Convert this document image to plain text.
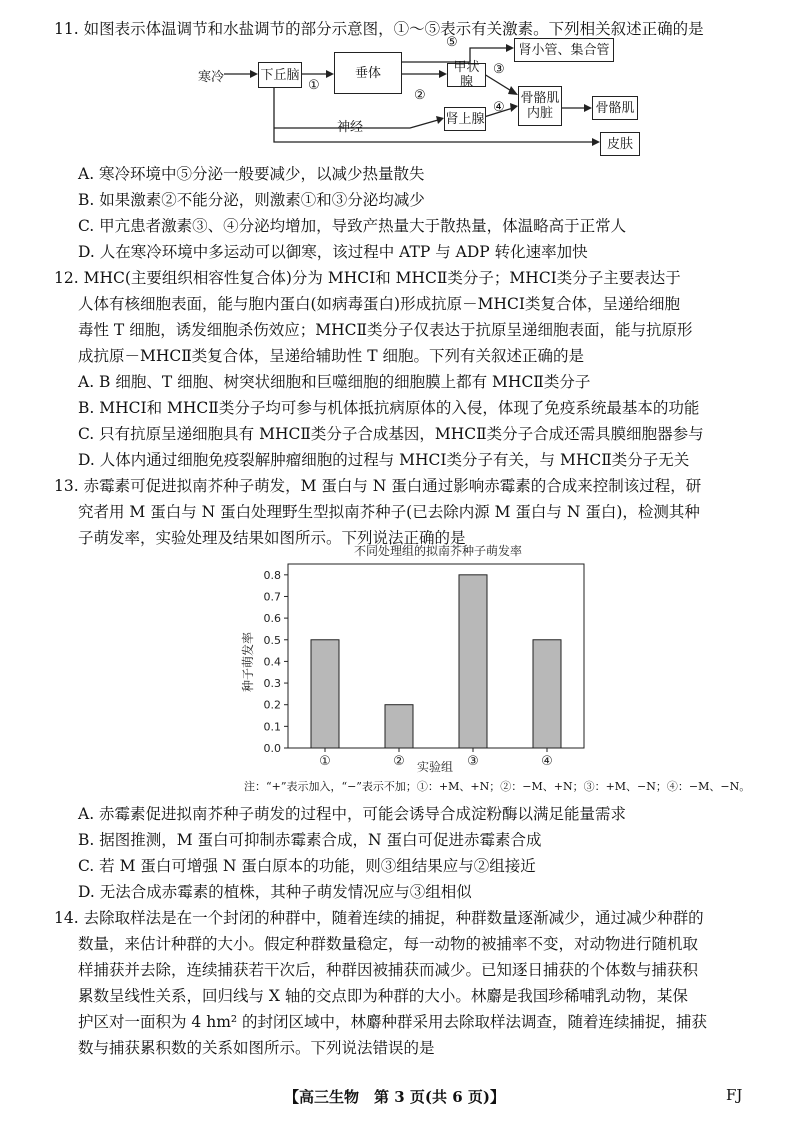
11. 如图表示体温调节和水盐调节的部分示意图，①～⑤表示有关激素。下列相关叙述正确的是
寒冷	下丘脑	垂体
肾小管、集合管
甲状腺
肾上腺
骨骼肌
内脏	骨骼肌
皮肤
神经
①
②
③
④
⑤
A. 寒冷环境中⑤分泌一般要减少，以减少热量散失
B. 如果激素②不能分泌，则激素①和③分泌均减少
C. 甲亢患者激素③、④分泌均增加，导致产热量大于散热量，体温略高于正常人
D. 人在寒冷环境中多运动可以御寒，该过程中 ATP 与 ADP 转化速率加快
12. MHC(主要组织相容性复合体)分为 MHCⅠ和 MHCⅡ类分子；MHCⅠ类分子主要表达于
人体有核细胞表面，能与胞内蛋白(如病毒蛋白)形成抗原－MHCⅠ类复合体，呈递给细胞
毒性 T 细胞，诱发细胞杀伤效应；MHCⅡ类分子仅表达于抗原呈递细胞表面，能与抗原形
成抗原－MHCⅡ类复合体，呈递给辅助性 T 细胞。下列有关叙述正确的是
A. B 细胞、T 细胞、树突状细胞和巨噬细胞的细胞膜上都有 MHCⅡ类分子
B. MHCⅠ和 MHCⅡ类分子均可参与机体抵抗病原体的入侵，体现了免疫系统最基本的功能
C. 只有抗原呈递细胞具有 MHCⅡ类分子合成基因，MHCⅡ类分子合成还需具膜细胞器参与
D. 人体内通过细胞免疫裂解肿瘤细胞的过程与 MHCⅠ类分子有关，与 MHCⅡ类分子无关
13. 赤霉素可促进拟南芥种子萌发，M 蛋白与 N 蛋白通过影响赤霉素的合成来控制该过程，研
究者用 M 蛋白与 N 蛋白处理野生型拟南芥种子(已去除内源 M 蛋白与 N 蛋白)，检测其种
子萌发率，实验处理及结果如图所示。下列说法正确的是
不同处理组的拟南芥种子萌发率
种子萌发率
实验组
0.0
0.1
0.2
0.3
0.4
0.5
0.6
0.7
0.8
①	②	③	④
注：“+”表示加入，“−”表示不加；①：+M、+N；②：−M、+N；③：+M、−N；④：−M、−N。
A. 赤霉素促进拟南芥种子萌发的过程中，可能会诱导合成淀粉酶以满足能量需求
B. 据图推测，M 蛋白可抑制赤霉素合成，N 蛋白可促进赤霉素合成
C. 若 M 蛋白可增强 N 蛋白原本的功能，则③组结果应与②组接近
D. 无法合成赤霉素的植株，其种子萌发情况应与③组相似
14. 去除取样法是在一个封闭的种群中，随着连续的捕捉，种群数量逐渐减少，通过减少种群的
数量，来估计种群的大小。假定种群数量稳定，每一动物的被捕率不变，对动物进行随机取
样捕获并去除，连续捕获若干次后，种群因被捕获而减少。已知逐日捕获的个体数与捕获积
累数呈线性关系，回归线与 X 轴的交点即为种群的大小。林麝是我国珍稀哺乳动物，某保
护区对一面积为 4 hm² 的封闭区域中，林麝种群采用去除取样法调查，随着连续捕捉，捕获
数与捕获累积数的关系如图所示。下列说法错误的是
【高三生物　第 3 页(共 6 页)】	FJ
